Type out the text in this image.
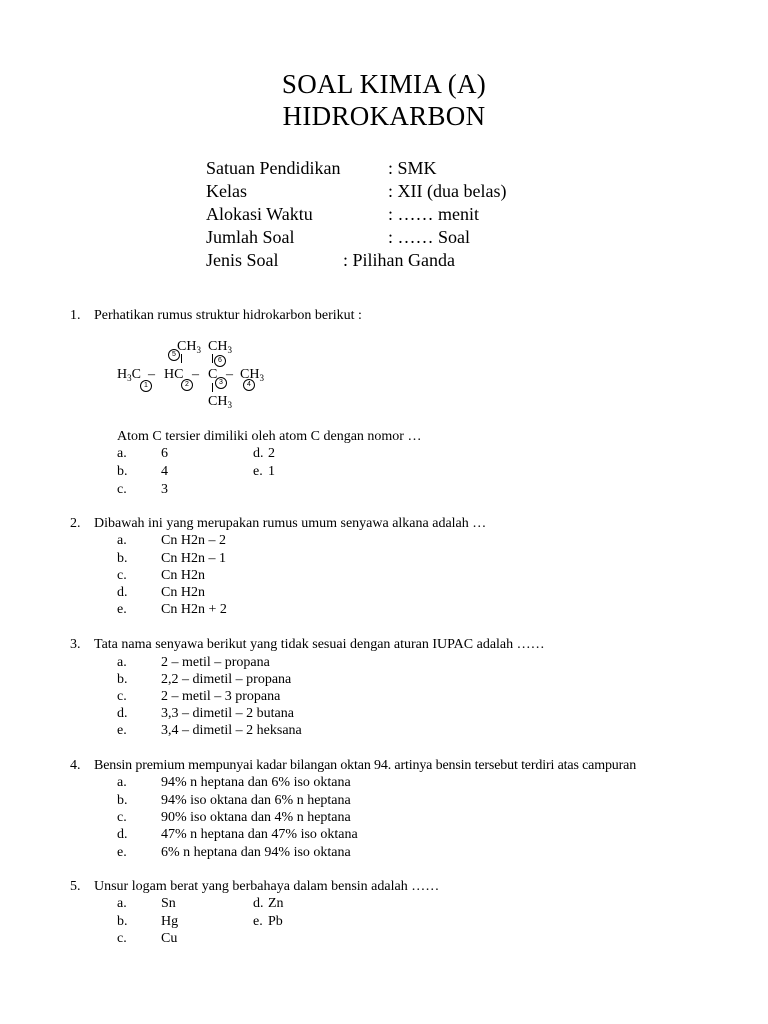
SOAL KIMIA (A)
HIDROKARBON
Satuan Pendidikan	: SMK
Kelas	: XII (dua belas)
Alokasi Waktu	: …… menit
Jumlah Soal	: …… Soal
Jenis Soal	: Pilihan Ganda
1. Perhatikan rumus struktur hidrokarbon berikut :
$CH_3$ $CH_3$
5
6
$H_3C$ – HC – C – $CH_3$
1	2	3	4
$CH_3$
Atom C tersier dimiliki oleh atom C dengan nomor …
a. 6
b. 4
c. 3
d. 2
e. 1
2. Dibawah ini yang merupakan rumus umum senyawa alkana adalah …
a. Cn H2n – 2
b. Cn H2n – 1
c. Cn H2n
d. Cn H2n
e. Cn H2n + 2
3. Tata nama senyawa berikut yang tidak sesuai dengan aturan IUPAC adalah ……
a. 2 – metil – propana
b. 2,2 – dimetil – propana
c. 2 – metil – 3 propana
d. 3,3 – dimetil – 2 butana
e. 3,4 – dimetil – 2 heksana
4. Bensin premium mempunyai kadar bilangan oktan 94. artinya bensin tersebut terdiri atas campuran
a. 94% n heptana dan 6% iso oktana
b. 94% iso oktana dan 6% n heptana
c. 90% iso oktana dan 4% n heptana
d. 47% n heptana dan 47% iso oktana
e. 6% n heptana dan 94% iso oktana
5. Unsur logam berat yang berbahaya dalam bensin adalah ……
a. Sn
b. Hg
c. Cu
d. Zn
e. Pb
